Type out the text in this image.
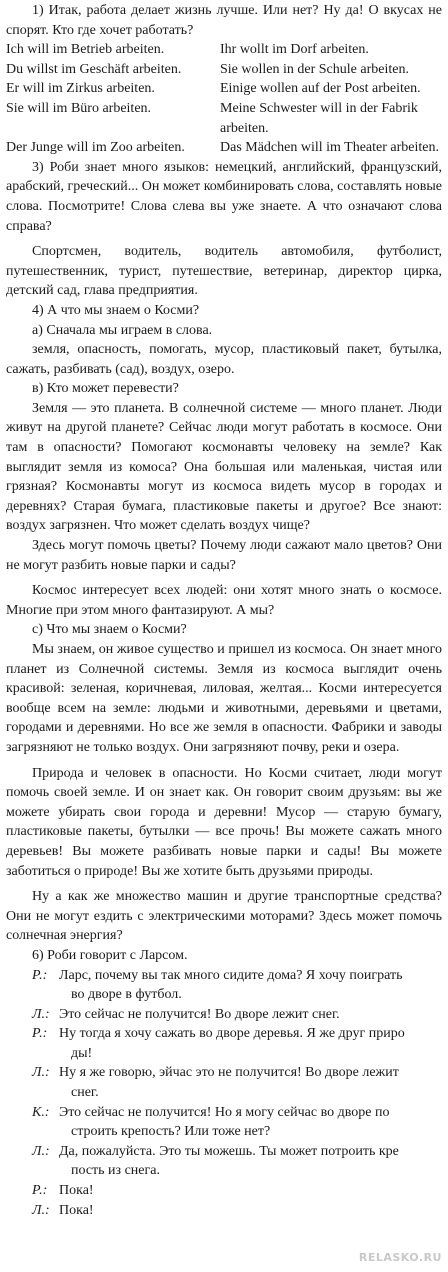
1) Итак, работа делает жизнь лучше. Или нет? Ну да! О вкусах не спорят. Кто где хочет работать?

Ich will im Betrieb arbeiten.	Ihr wollt im Dorf arbeiten.
Du willst im Geschäft arbeiten.	Sie wollen in der Schule arbeiten.
Er will im Zirkus arbeiten.	Einige wollen auf der Post arbeiten.
Sie will im Büro arbeiten.	Meine Schwester will in der Fabrik arbeiten.
Der Junge will im Zoo arbeiten.	Das Mädchen will im Theater arbeiten.

3) Роби знает много языков: немецкий, английский, французский, арабский, греческий... Он может комбинировать слова, составлять новые слова. Посмотрите! Слова слева вы уже знаете. А что означают слова справа?

Спортсмен, водитель, водитель автомобиля, футболист, путешественник, турист, путешествие, ветеринар, директор цирка, детский сад, глава предприятия.

4) А что мы знаем о Косми?

а) Сначала мы играем в слова.

земля, опасность, помогать, мусор, пластиковый пакет, бутылка, сажать, разбивать (сад), воздух, озеро.

в) Кто может перевести?

Земля — это планета. В солнечной системе — много планет. Люди живут на другой планете? Сейчас люди могут работать в космосе. Они там в опасности? Помогают космонавты человеку на земле? Как выглядит земля из комоса? Она большая или маленькая, чистая или грязная? Космонавты могут из космоса видеть мусор в городах и деревнях? Старая бумага, пластиковые пакеты и другое? Все знают: воздух загрязнен. Что может сделать воздух чище?

Здесь могут помочь цветы? Почему люди сажают мало цветов? Они не могут разбить новые парки и сады?

Космос интересует всех людей: они хотят много знать о космосе. Многие при этом много фантазируют. А мы?

с) Что мы знаем о Косми?

Мы знаем, он живое существо и пришел из космоса. Он знает много планет из Солнечной системы. Земля из космоса выглядит очень красивой: зеленая, коричневая, лиловая, желтая... Косми интересуется вообще всем на земле: людьми и животными, деревьями и цветами, городами и деревнями. Но все же земля в опасности. Фабрики и заводы загрязняют не только воздух. Они загрязняют почву, реки и озера.

Природа и человек в опасности. Но Косми считает, люди могут помочь своей земле. И он знает как. Он говорит своим друзьям: вы же можете убирать свои города и деревни! Мусор — старую бумагу, пластиковые пакеты, бутылки — все прочь! Вы можете сажать много деревьев! Вы можете разбивать новые парки и сады! Вы можете заботиться о природе! Вы же хотите быть друзьями природы.

Ну а как же множество машин и другие транспортные средства? Они не могут ездить с электрическими моторами? Здесь может помочь солнечная энергия?

6) Роби говорит с Ларсом.

Р.: Ларс, почему вы так много сидите дома? Я хочу поиграть
во дворе в футбол.
Л.: Это сейчас не получится! Во дворе лежит снег.
Р.: Ну тогда я хочу сажать во дворе деревья. Я же друг приро
ды!
Л.: Ну я же говорю, эйчас это не получится! Во дворе лежит
снег.
К.: Это сейчас не получится! Но я могу сейчас во дворе по
строить крепость? Или тоже нет?
Л.: Да, пожалуйста. Это ты можешь. Ты может потроить кре
пость из снега.
Р.: Пока!
Л.: Пока!
RELASKO.RU
